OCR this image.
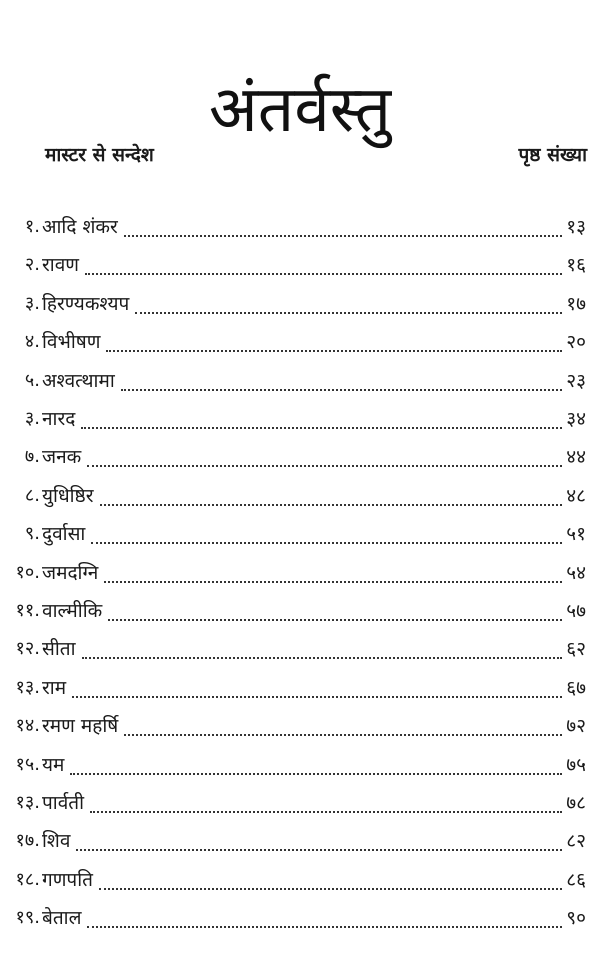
अंतर्वस्तु
मास्टर से सन्देश	पृष्ठ संख्या
१. आदि शंकर	१३
२. रावण	१६
३. हिरण्यकश्यप	१७
४. विभीषण	२०
५. अश्वत्थामा	२३
३. नारद	३४
७. जनक	४४
८. युधिष्ठिर	४८
९. दुर्वासा	५१
१०. जमदग्नि	५४
११. वाल्मीकि	५७
१२. सीता	६२
१३. राम	६७
१४. रमण महर्षि	७२
१५. यम	७५
१३. पार्वती	७८
१७. शिव	८२
१८. गणपति	८६
१९. बेताल	९०
